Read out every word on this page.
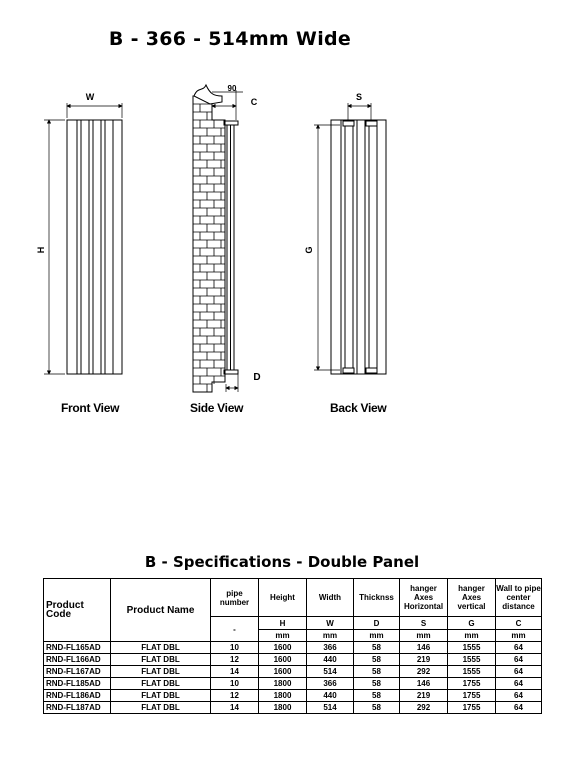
B - 366 - 514mm Wide
W
H
90
C
D
S
G
Front View	Side View	Back View
B - Specifications - Double Panel
Product Code	Product Name	pipe number	Height	Width	Thicknss	hanger Axes Horizontal	hanger Axes vertical	Wall to pipe center distance
		-	H	W	D	S	G	C
			mm	mm	mm	mm	mm	mm
RND-FL165AD	FLAT DBL	10	1600	366	58	146	1555	64
RND-FL166AD	FLAT DBL	12	1600	440	58	219	1555	64
RND-FL167AD	FLAT DBL	14	1600	514	58	292	1555	64
RND-FL185AD	FLAT DBL	10	1800	366	58	146	1755	64
RND-FL186AD	FLAT DBL	12	1800	440	58	219	1755	64
RND-FL187AD	FLAT DBL	14	1800	514	58	292	1755	64
